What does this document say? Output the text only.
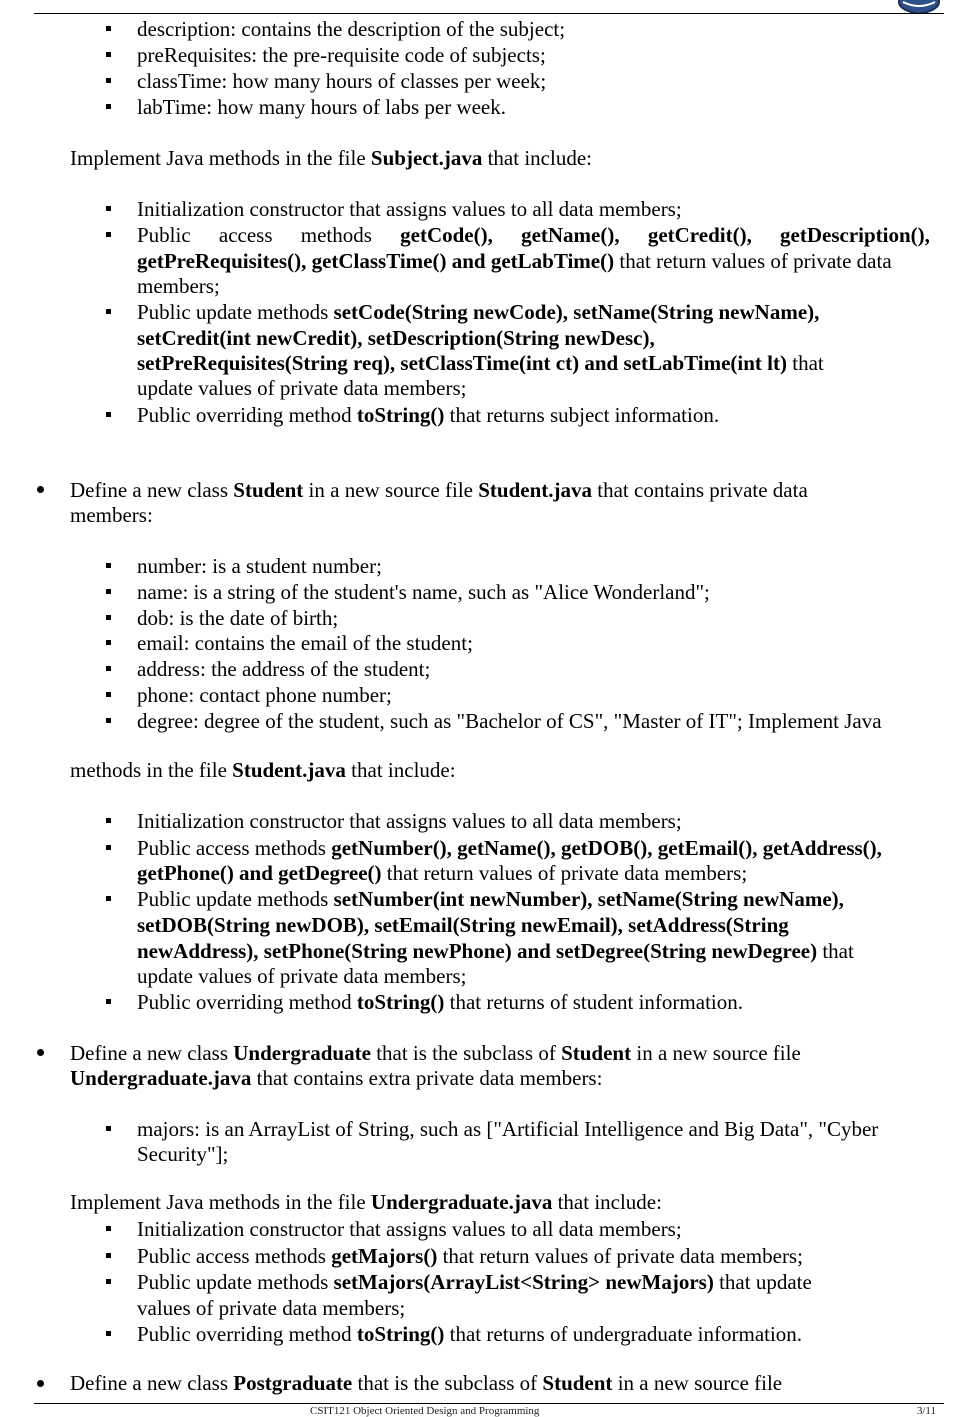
description: contains the description of the subject;
preRequisites: the pre-requisite code of subjects;
classTime: how many hours of classes per week;
labTime: how many hours of labs per week.
Implement Java methods in the file Subject.java that include:
Initialization constructor that assigns values to all data members;
Public access methods getCode(), getName(), getCredit(), getDescription(),
getPreRequisites(), getClassTime() and getLabTime() that return values of private data
members;
Public update methods setCode(String newCode), setName(String newName),
setCredit(int newCredit), setDescription(String newDesc),
setPreRequisites(String req), setClassTime(int ct) and setLabTime(int lt) that
update values of private data members;
Public overriding method toString() that returns subject information.
Define a new class Student in a new source file Student.java that contains private data
members:
number: is a student number;
name: is a string of the student's name, such as "Alice Wonderland";
dob: is the date of birth;
email: contains the email of the student;
address: the address of the student;
phone: contact phone number;
degree: degree of the student, such as "Bachelor of CS", "Master of IT"; Implement Java
methods in the file Student.java that include:
Initialization constructor that assigns values to all data members;
Public access methods getNumber(), getName(), getDOB(), getEmail(), getAddress(),
getPhone() and getDegree() that return values of private data members;
Public update methods setNumber(int newNumber), setName(String newName),
setDOB(String newDOB), setEmail(String newEmail), setAddress(String
newAddress), setPhone(String newPhone) and setDegree(String newDegree) that
update values of private data members;
Public overriding method toString() that returns of student information.
Define a new class Undergraduate that is the subclass of Student in a new source file
Undergraduate.java that contains extra private data members:
majors: is an ArrayList of String, such as ["Artificial Intelligence and Big Data", "Cyber
Security"];
Implement Java methods in the file Undergraduate.java that include:
Initialization constructor that assigns values to all data members;
Public access methods getMajors() that return values of private data members;
Public update methods setMajors(ArrayList<String> newMajors) that update
values of private data members;
Public overriding method toString() that returns of undergraduate information.
Define a new class Postgraduate that is the subclass of Student in a new source file
CSIT121 Object Oriented Design and Programming	3/11
